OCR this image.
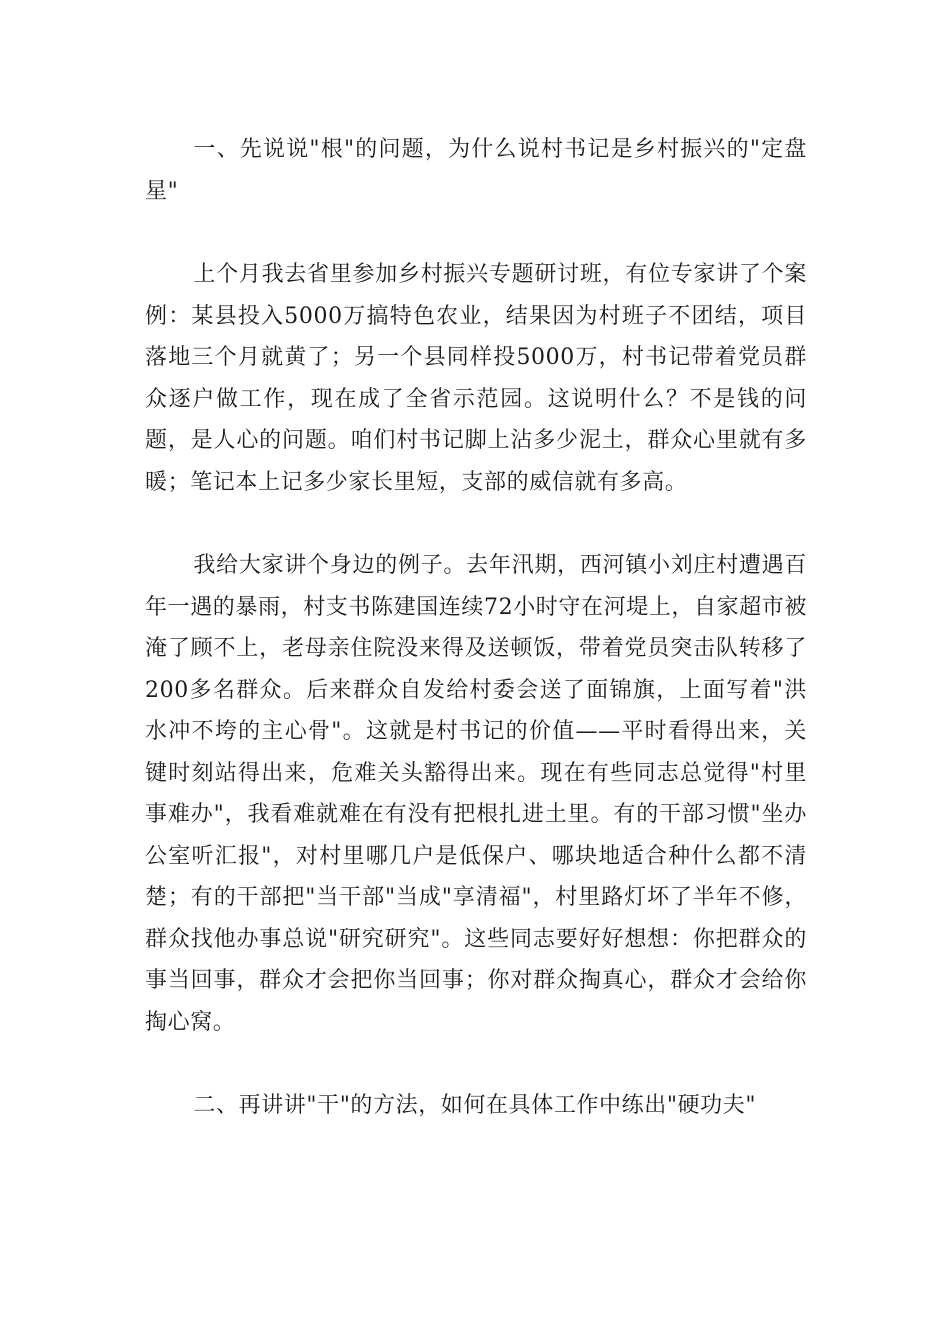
一、先说说"根"的问题，为什么说村书记是乡村振兴的"定盘星"

上个月我去省里参加乡村振兴专题研讨班，有位专家讲了个案例：某县投入5000万搞特色农业，结果因为村班子不团结，项目落地三个月就黄了；另一个县同样投5000万，村书记带着党员群众逐户做工作，现在成了全省示范园。这说明什么？不是钱的问题，是人心的问题。咱们村书记脚上沾多少泥土，群众心里就有多暖；笔记本上记多少家长里短，支部的威信就有多高。

我给大家讲个身边的例子。去年汛期，西河镇小刘庄村遭遇百年一遇的暴雨，村支书陈建国连续72小时守在河堤上，自家超市被淹了顾不上，老母亲住院没来得及送顿饭，带着党员突击队转移了200多名群众。后来群众自发给村委会送了面锦旗，上面写着"洪水冲不垮的主心骨"。这就是村书记的价值——平时看得出来，关键时刻站得出来，危难关头豁得出来。现在有些同志总觉得"村里事难办"，我看难就难在有没有把根扎进土里。有的干部习惯"坐办公室听汇报"，对村里哪几户是低保户、哪块地适合种什么都不清楚；有的干部把"当干部"当成"享清福"，村里路灯坏了半年不修，群众找他办事总说"研究研究"。这些同志要好好想想：你把群众的事当回事，群众才会把你当回事；你对群众掏真心，群众才会给你掏心窝。

二、再讲讲"干"的方法，如何在具体工作中练出"硬功夫"
